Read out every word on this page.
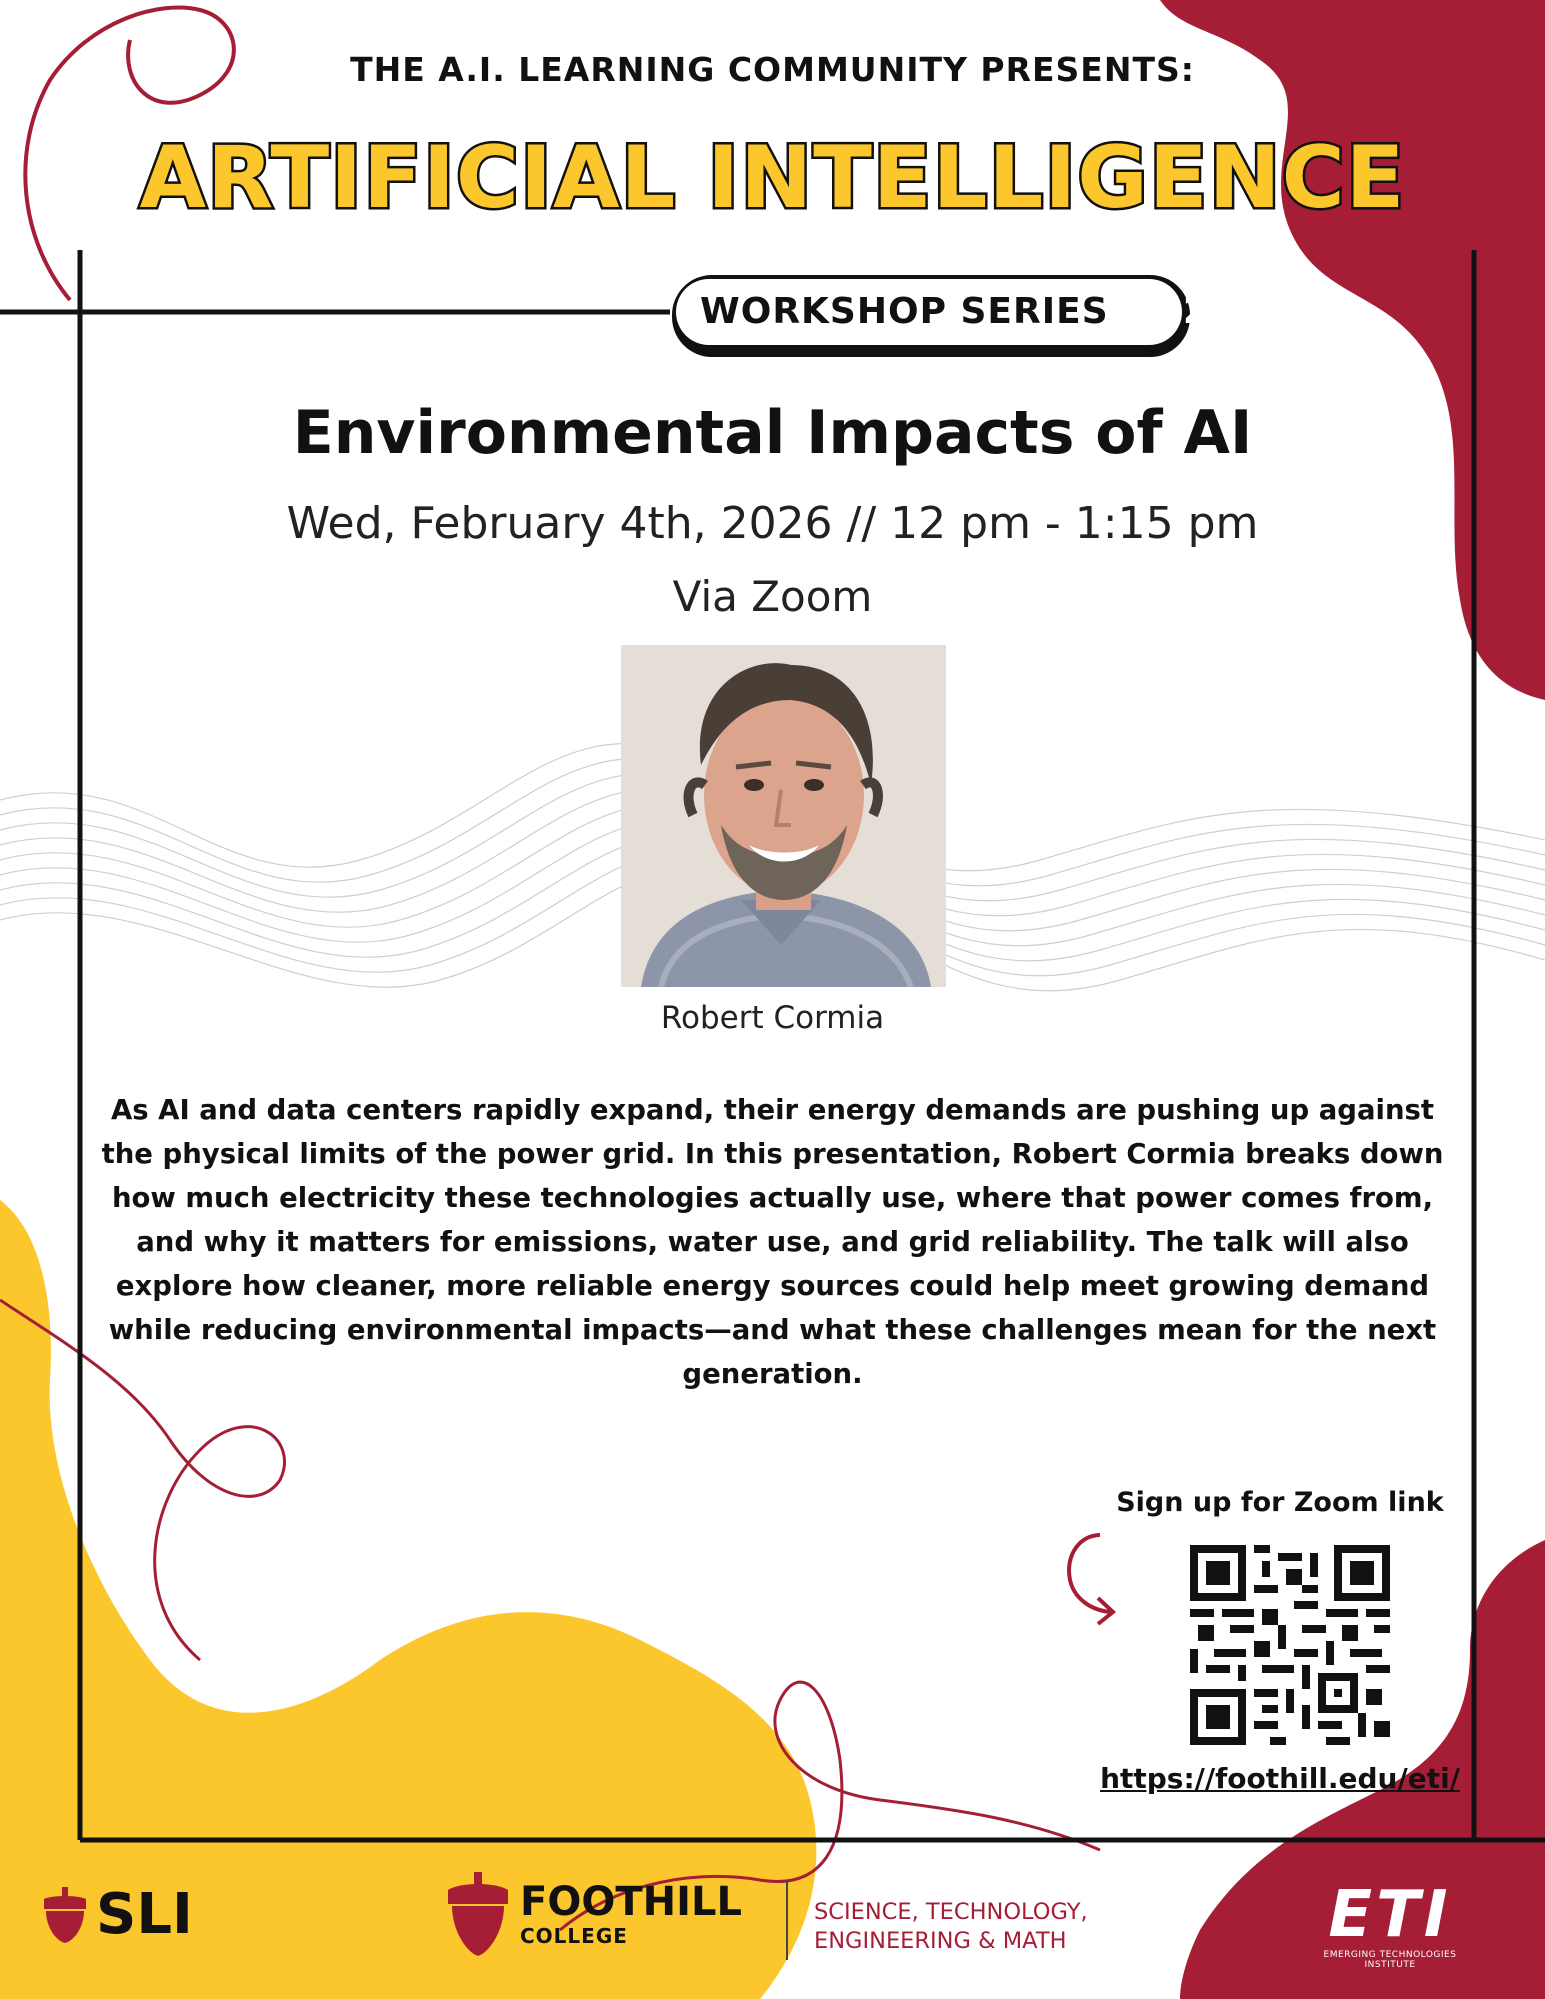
THE A.I. LEARNING COMMUNITY PRESENTS:
ARTIFICIAL INTELLIGENCE
WORKSHOP SERIES	2025-26
Environmental Impacts of AI
Wed, February 4th, 2026 // 12 pm - 1:15 pm
Via Zoom
Robert Cormia
As AI and data centers rapidly expand, their energy demands are pushing up against the physical limits of the power grid. In this presentation, Robert Cormia breaks down how much electricity these technologies actually use, where that power comes from, and why it matters for emissions, water use, and grid reliability. The talk will also explore how cleaner, more reliable energy sources could help meet growing demand while reducing environmental impacts—and what these challenges mean for the next generation.
Sign up for Zoom link
https://foothill.edu/eti/
SLI	FOOTHILL
COLLEGE
SCIENCE, TECHNOLOGY,
ENGINEERING & MATH	ETI
EMERGING TECHNOLOGIES INSTITUTE
